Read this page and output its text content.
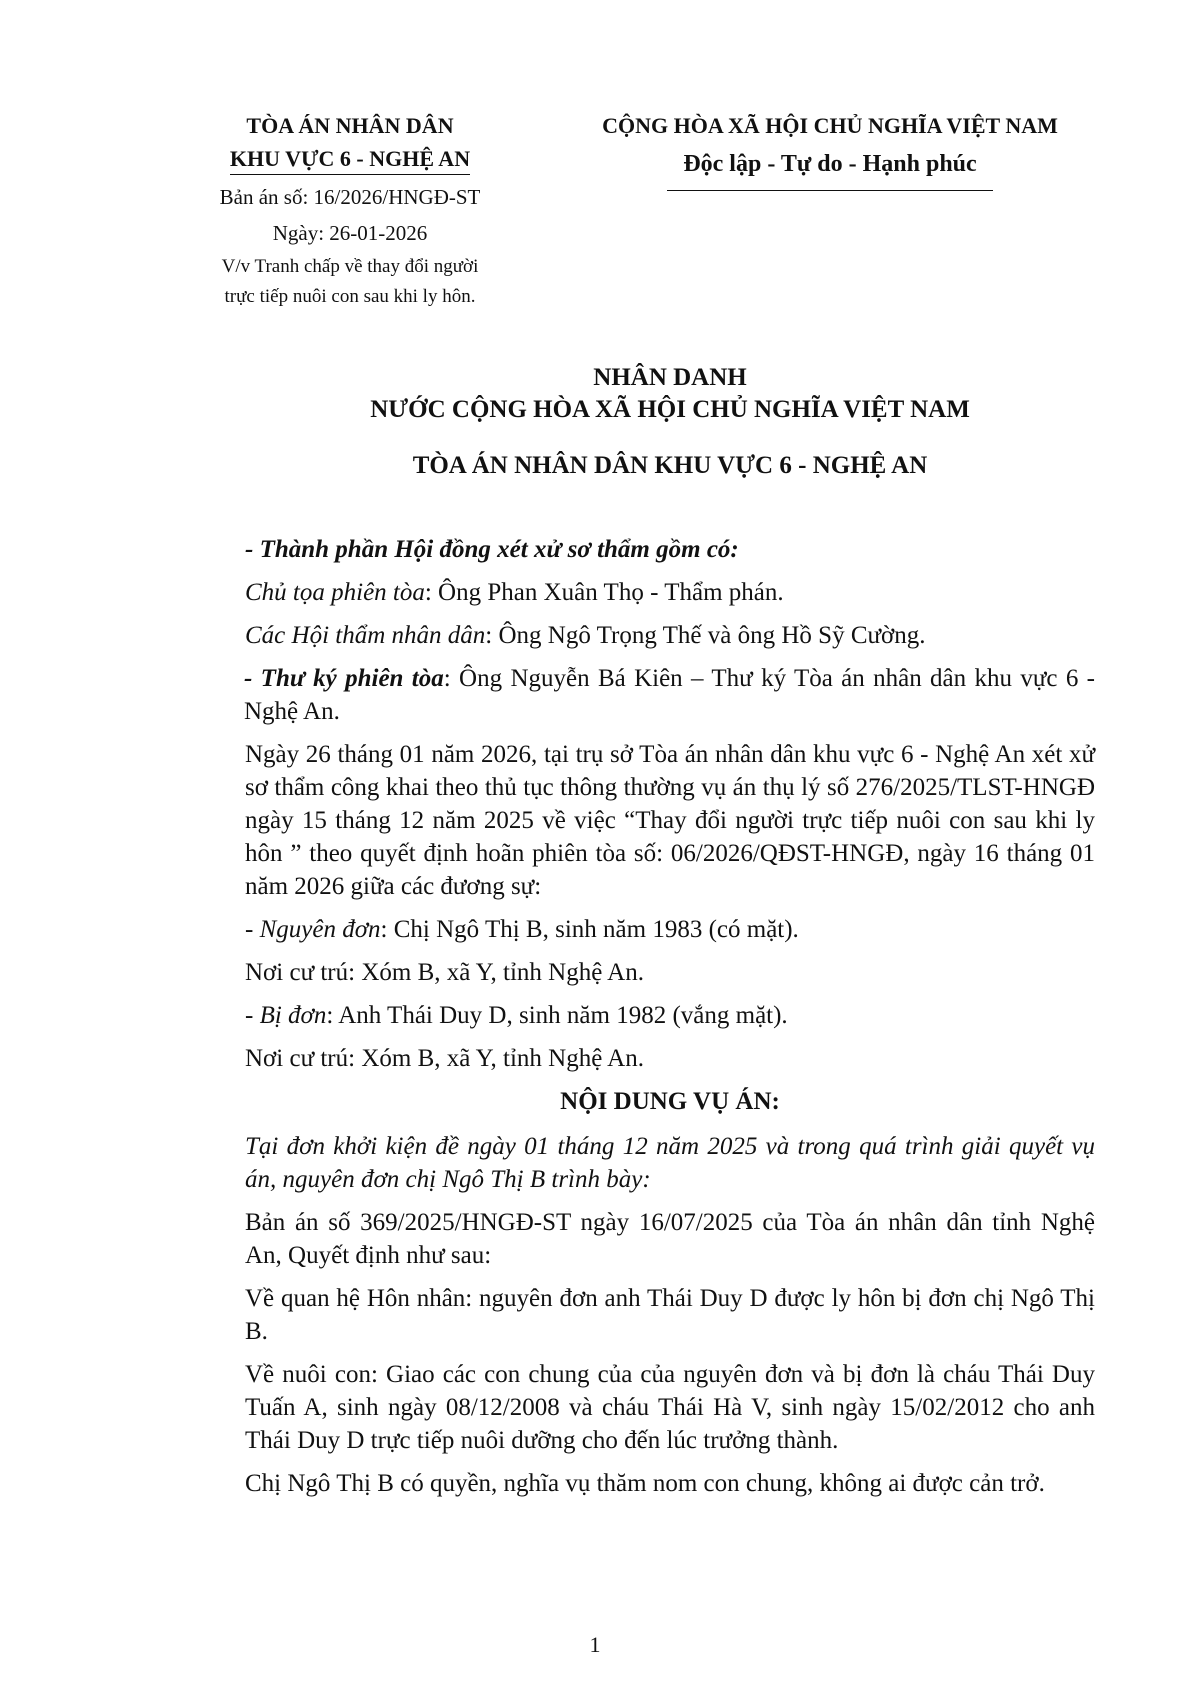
TÒA ÁN NHÂN DÂN
KHU VỰC 6 - NGHỆ AN
Bản án số: 16/2026/HNGĐ-ST
Ngày: 26-01-2026
V/v Tranh chấp về thay đổi người
trực tiếp nuôi con sau khi ly hôn.
CỘNG HÒA XÃ HỘI CHỦ NGHĨA VIỆT NAM
Độc lập - Tự do - Hạnh phúc
NHÂN DANH
NƯỚC CỘNG HÒA XÃ HỘI CHỦ NGHĨA VIỆT NAM
TÒA ÁN NHÂN DÂN KHU VỰC 6 - NGHỆ AN

- Thành phần Hội đồng xét xử sơ thẩm gồm có:

Chủ tọa phiên tòa: Ông Phan Xuân Thọ - Thẩm phán.

Các Hội thẩm nhân dân: Ông Ngô Trọng Thế và ông Hồ Sỹ Cường.

- Thư ký phiên tòa: Ông Nguyễn Bá Kiên – Thư ký Tòa án nhân dân khu vực 6 - Nghệ An.

Ngày 26 tháng 01 năm 2026, tại trụ sở Tòa án nhân dân khu vực 6 - Nghệ An xét xử sơ thẩm công khai theo thủ tục thông thường vụ án thụ lý số 276/2025/TLST-HNGĐ ngày 15 tháng 12 năm 2025 về việc “Thay đổi người trực tiếp nuôi con sau khi ly hôn ” theo quyết định hoãn phiên tòa số: 06/2026/QĐST-HNGĐ, ngày 16 tháng 01 năm 2026 giữa các đương sự:

- Nguyên đơn: Chị Ngô Thị B, sinh năm 1983 (có mặt).

Nơi cư trú: Xóm B, xã Y, tỉnh Nghệ An.

- Bị đơn: Anh Thái Duy D, sinh năm 1982 (vắng mặt).

Nơi cư trú: Xóm B, xã Y, tỉnh Nghệ An.

NỘI DUNG VỤ ÁN:

Tại đơn khởi kiện đề ngày 01 tháng 12 năm 2025 và trong quá trình giải quyết vụ án, nguyên đơn chị Ngô Thị B trình bày:

Bản án số 369/2025/HNGĐ-ST ngày 16/07/2025 của Tòa án nhân dân tỉnh Nghệ An, Quyết định như sau:

Về quan hệ Hôn nhân: nguyên đơn anh Thái Duy D được ly hôn bị đơn chị Ngô Thị B.

Về nuôi con: Giao các con chung của của nguyên đơn và bị đơn là cháu Thái Duy Tuấn A, sinh ngày 08/12/2008 và cháu Thái Hà V, sinh ngày 15/02/2012 cho anh Thái Duy D trực tiếp nuôi dưỡng cho đến lúc trưởng thành.

Chị Ngô Thị B có quyền, nghĩa vụ thăm nom con chung, không ai được cản trở.

1
